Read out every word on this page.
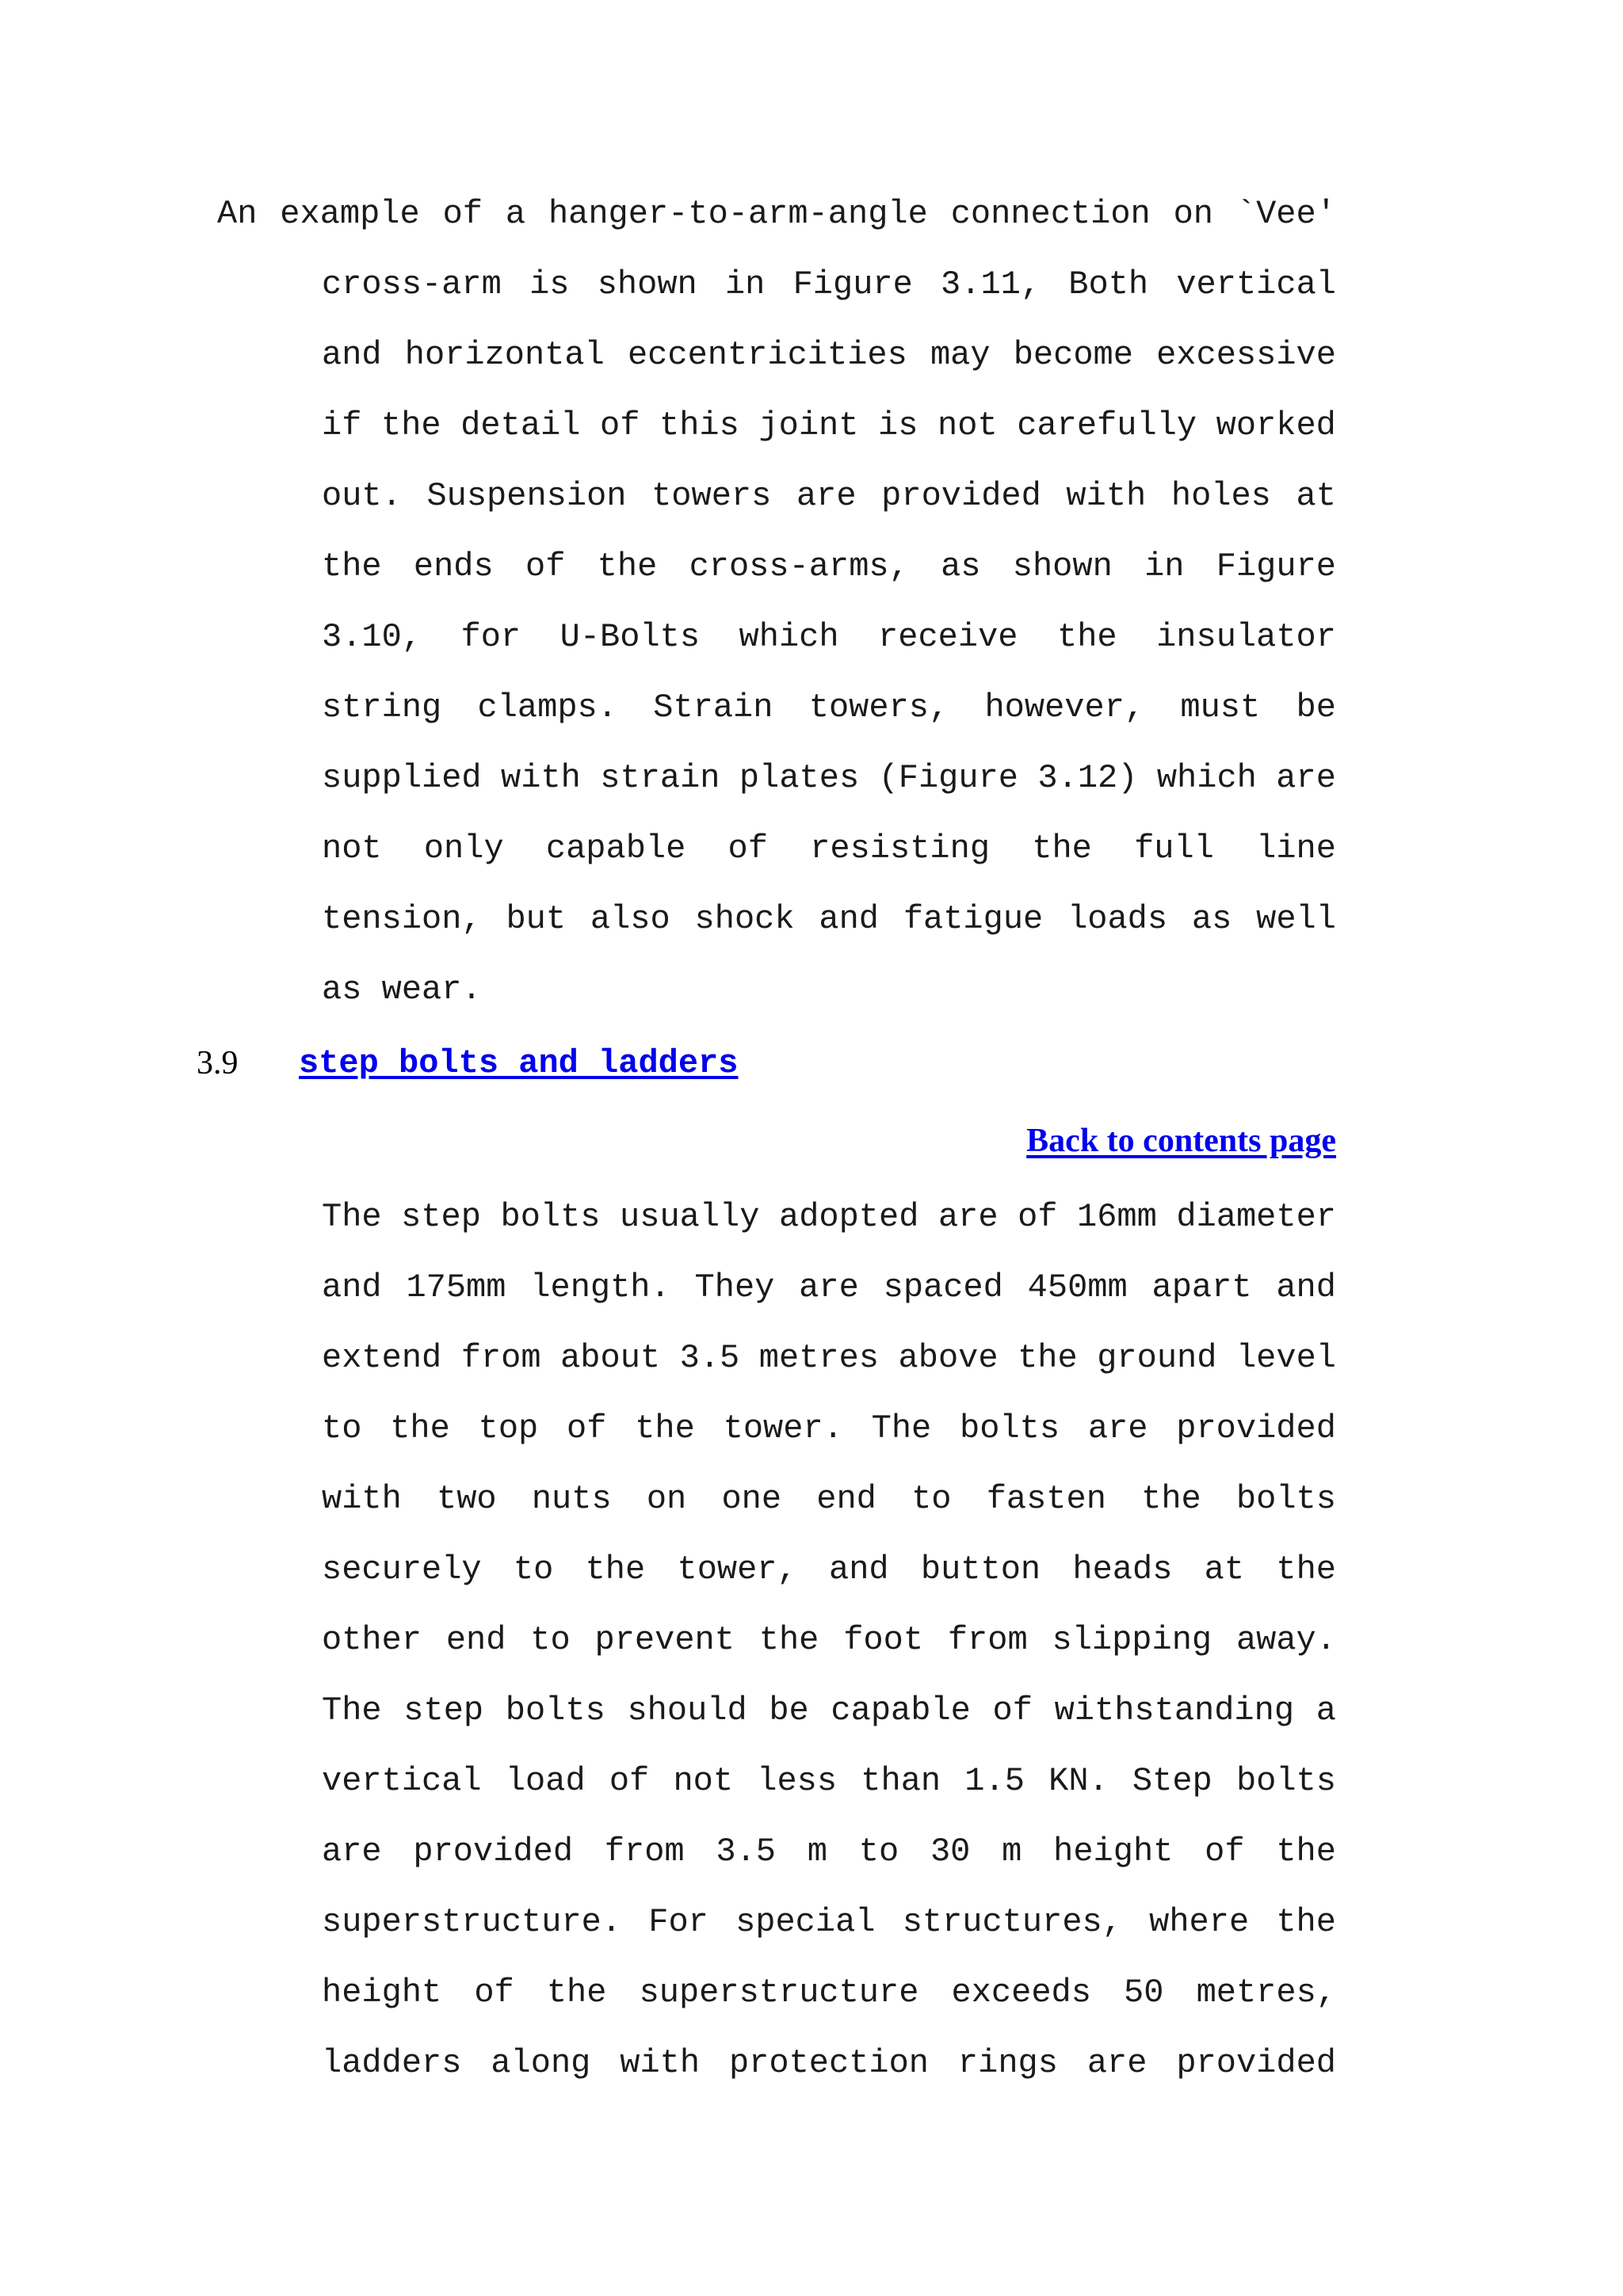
An example of a hanger-to-arm-angle connection on `Vee'
cross-arm is shown in Figure 3.11, Both vertical
and horizontal eccentricities may become excessive
if the detail of this joint is not carefully worked
out. Suspension towers are provided with holes at
the ends of the cross-arms, as shown in Figure
3.10, for U-Bolts which receive the insulator
string clamps. Strain towers, however, must be
supplied with strain plates (Figure 3.12) which are
not only capable of resisting the full line
tension, but also shock and fatigue loads as well
as wear.
3.9 step bolts and ladders
Back to contents page
The step bolts usually adopted are of 16mm diameter
and 175mm length. They are spaced 450mm apart and
extend from about 3.5 metres above the ground level
to the top of the tower. The bolts are provided
with two nuts on one end to fasten the bolts
securely to the tower, and button heads at the
other end to prevent the foot from slipping away.
The step bolts should be capable of withstanding a
vertical load of not less than 1.5 KN. Step bolts
are provided from 3.5 m to 30 m height of the
superstructure. For special structures, where the
height of the superstructure exceeds 50 metres,
ladders along with protection rings are provided
